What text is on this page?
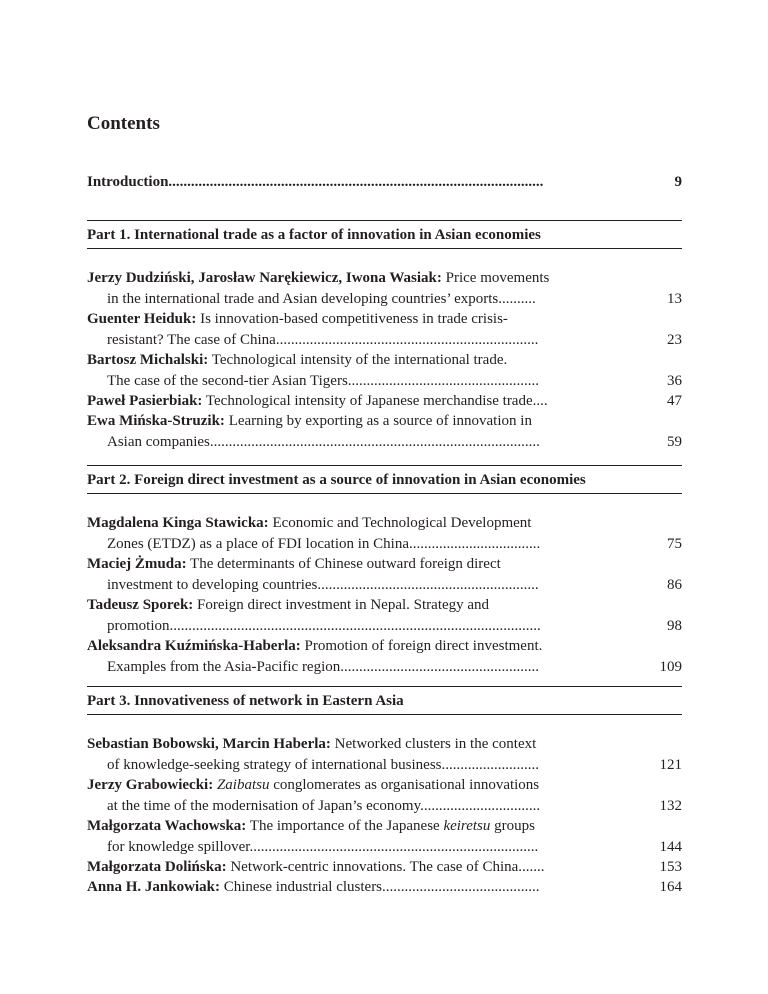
Contents
Introduction....................................................................................................	9
Part 1. International trade as a factor of innovation in Asian economies
Jerzy Dudziński, Jarosław Narękiewicz, Iwona Wasiak: Price movements
in the international trade and Asian developing countries’ exports..........	13
Guenter Heiduk: Is innovation-based competitiveness in trade crisis-
resistant? The case of China......................................................................	23
Bartosz Michalski: Technological intensity of the international trade.
The case of the second-tier Asian Tigers...................................................	36
Paweł Pasierbiak: Technological intensity of Japanese merchandise trade....	47
Ewa Mińska-Struzik: Learning by exporting as a source of innovation in
Asian companies........................................................................................	59
Part 2. Foreign direct investment as a source of innovation in Asian economies
Magdalena Kinga Stawicka: Economic and Technological Development
Zones (ETDZ) as a place of FDI location in China...................................	75
Maciej Żmuda: The determinants of Chinese outward foreign direct
investment to developing countries...........................................................	86
Tadeusz Sporek: Foreign direct investment in Nepal. Strategy and
promotion...................................................................................................	98
Aleksandra Kuźmińska-Haberla: Promotion of foreign direct investment.
Examples from the Asia-Pacific region.....................................................	109
Part 3. Innovativeness of network in Eastern Asia
Sebastian Bobowski, Marcin Haberla: Networked clusters in the context
of knowledge-seeking strategy of international business..........................	121
Jerzy Grabowiecki: Zaibatsu conglomerates as organisational innovations
at the time of the modernisation of Japan’s economy................................	132
Małgorzata Wachowska: The importance of the Japanese keiretsu groups
for knowledge spillover.............................................................................	144
Małgorzata Dolińska: Network-centric innovations. The case of China.......	153
Anna H. Jankowiak: Chinese industrial clusters..........................................	164
